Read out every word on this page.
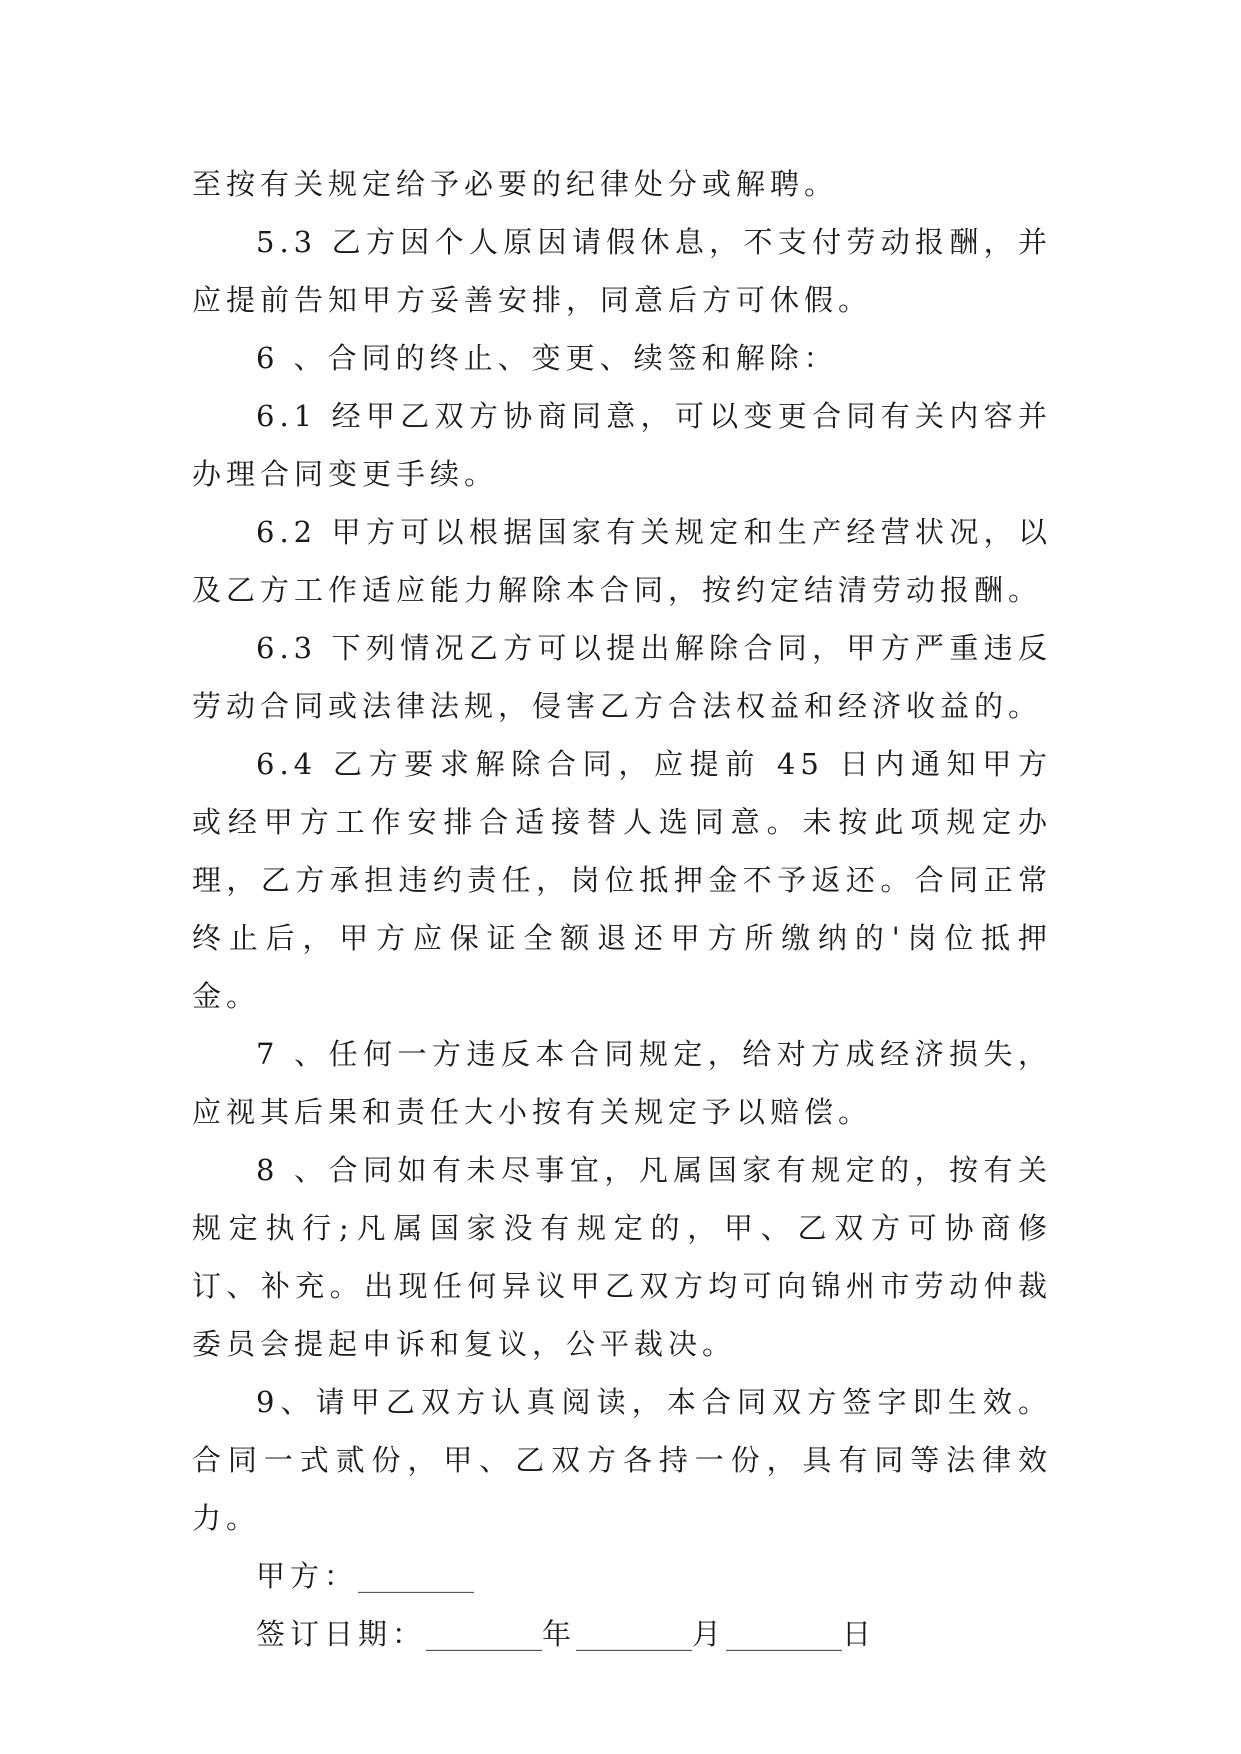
至按有关规定给予必要的纪律处分或解聘。

5.3 乙方因个人原因请假休息，不支付劳动报酬，并应提前告知甲方妥善安排，同意后方可休假。

6 、合同的终止、变更、续签和解除：

6.1 经甲乙双方协商同意，可以变更合同有关内容并办理合同变更手续。

6.2 甲方可以根据国家有关规定和生产经营状况，以及乙方工作适应能力解除本合同，按约定结清劳动报酬。

6.3 下列情况乙方可以提出解除合同，甲方严重违反劳动合同或法律法规，侵害乙方合法权益和经济收益的。

6.4 乙方要求解除合同，应提前 45 日内通知甲方或经甲方工作安排合适接替人选同意。未按此项规定办理，乙方承担违约责任，岗位抵押金不予返还。合同正常终止后，甲方应保证全额退还甲方所缴纳的'岗位抵押金。

7 、任何一方违反本合同规定，给对方成经济损失，应视其后果和责任大小按有关规定予以赔偿。

8 、合同如有未尽事宜，凡属国家有规定的，按有关规定执行;凡属国家没有规定的，甲、乙双方可协商修订、补充。出现任何异议甲乙双方均可向锦州市劳动仲裁委员会提起申诉和复议，公平裁决。

9、请甲乙双方认真阅读，本合同双方签字即生效。合同一式贰份，甲、乙双方各持一份，具有同等法律效力。

甲方：________

签订日期：________年________月________日
